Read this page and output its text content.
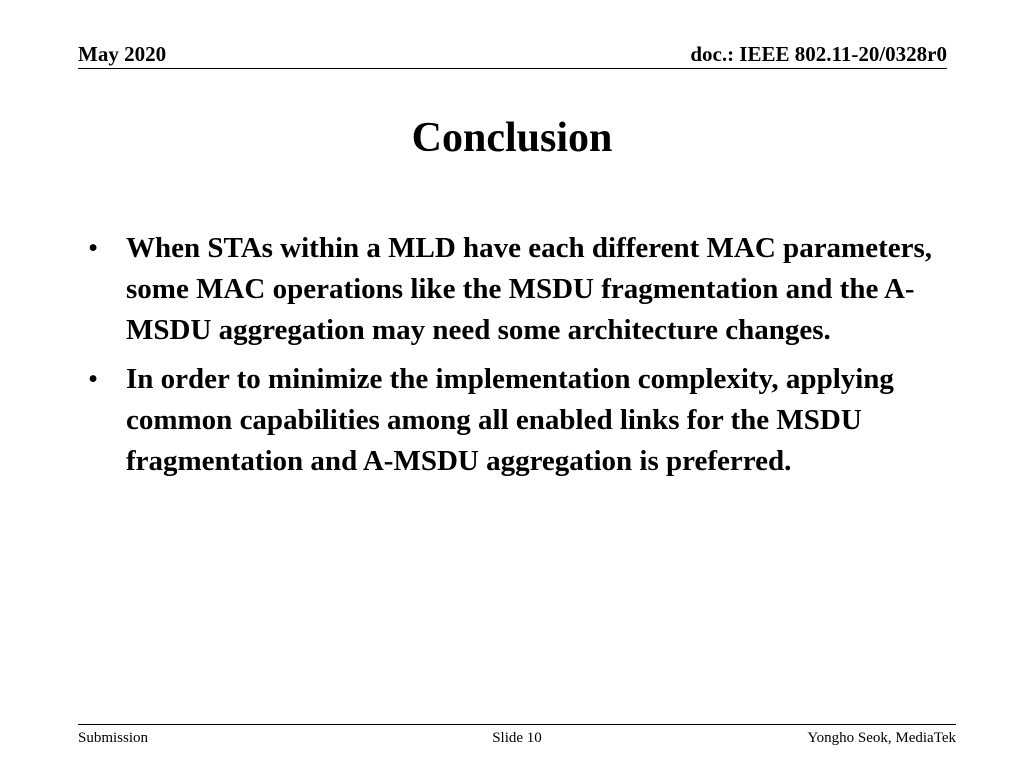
May 2020	doc.: IEEE 802.11-20/0328r0
Conclusion
• When STAs within a MLD have each different MAC parameters, some MAC operations like the MSDU fragmentation and the A-MSDU aggregation may need some architecture changes.
• In order to minimize the implementation complexity, applying common capabilities among all enabled links for the MSDU fragmentation and A-MSDU aggregation is preferred.
Submission	Slide 10	Yongho Seok, MediaTek
